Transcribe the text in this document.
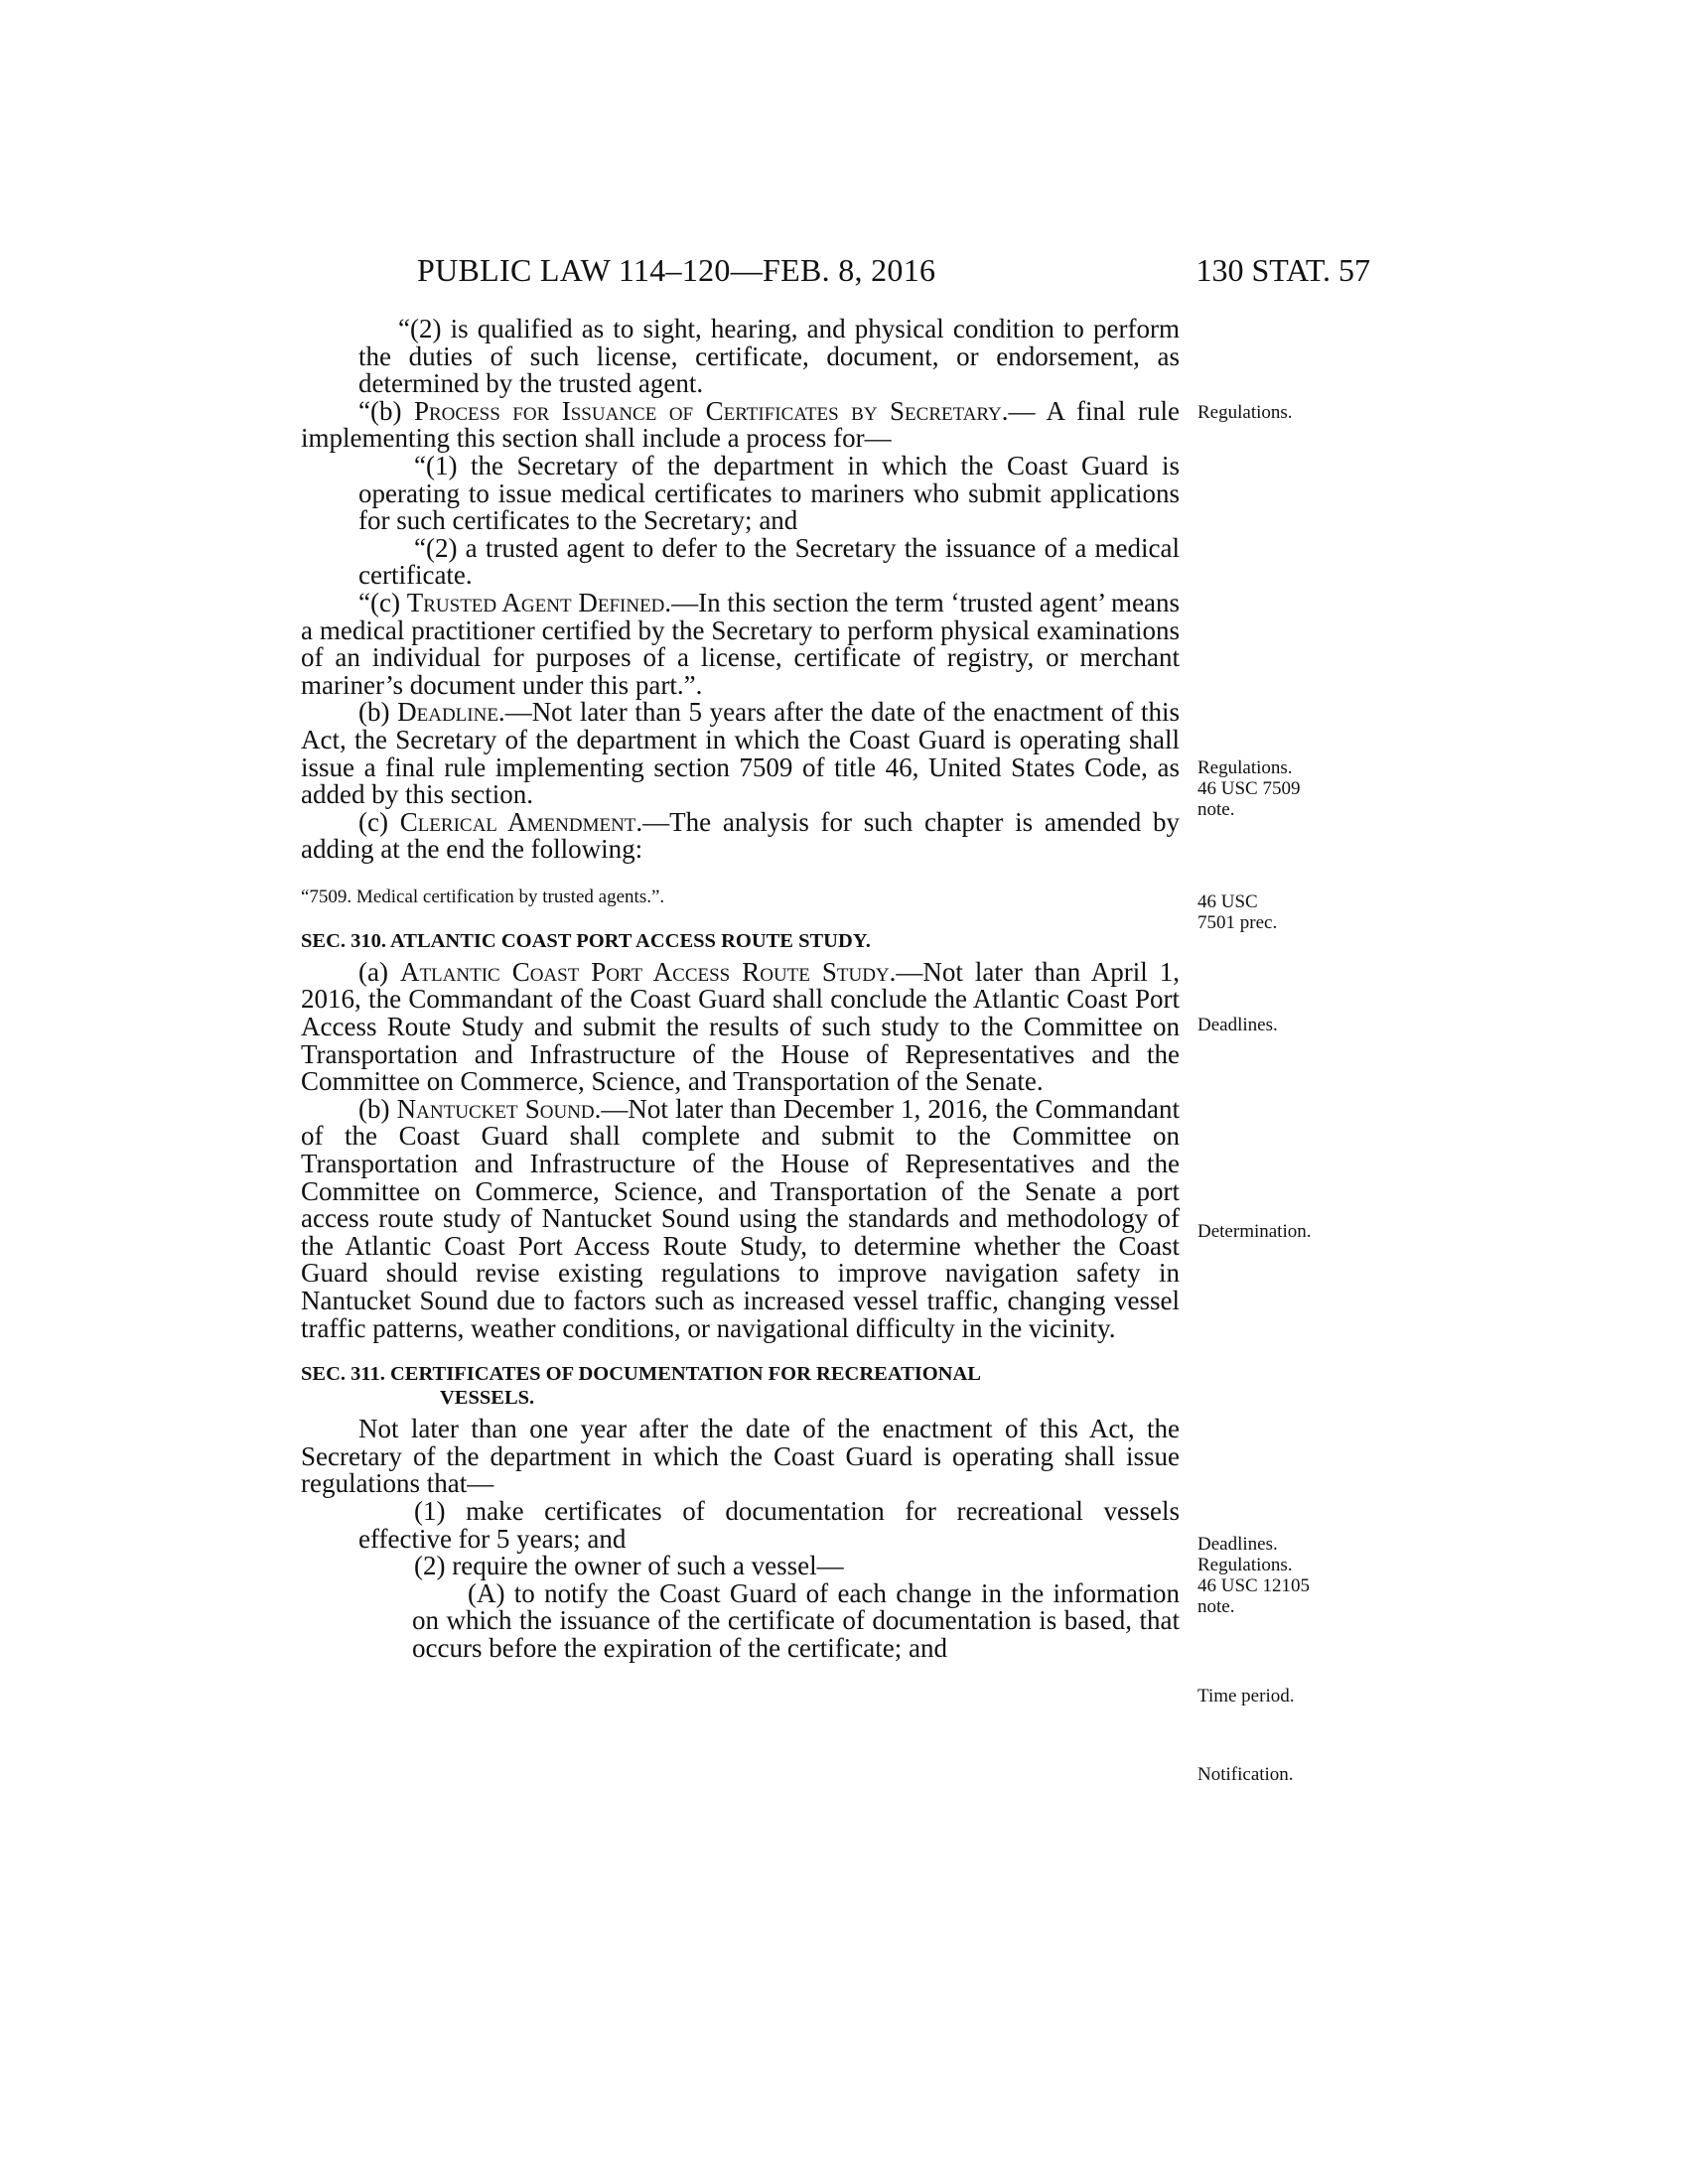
PUBLIC LAW 114–120—FEB. 8, 2016	130 STAT. 57

“(2) is qualified as to sight, hearing, and physical condition to perform the duties of such license, certificate, document, or endorsement, as determined by the trusted agent.

“(b) Process for Issuance of Certificates by Secretary.— A final rule implementing this section shall include a process for—

“(1) the Secretary of the department in which the Coast Guard is operating to issue medical certificates to mariners who submit applications for such certificates to the Secretary; and

“(2) a trusted agent to defer to the Secretary the issuance of a medical certificate.

“(c) Trusted Agent Defined.—In this section the term ‘trusted agent’ means a medical practitioner certified by the Secretary to perform physical examinations of an individual for purposes of a license, certificate of registry, or merchant mariner’s document under this part.”.

(b) Deadline.—Not later than 5 years after the date of the enactment of this Act, the Secretary of the department in which the Coast Guard is operating shall issue a final rule implementing section 7509 of title 46, United States Code, as added by this section.

(c) Clerical Amendment.—The analysis for such chapter is amended by adding at the end the following:

“7509. Medical certification by trusted agents.”.

SEC. 310. ATLANTIC COAST PORT ACCESS ROUTE STUDY.

(a) Atlantic Coast Port Access Route Study.—Not later than April 1, 2016, the Commandant of the Coast Guard shall conclude the Atlantic Coast Port Access Route Study and submit the results of such study to the Committee on Transportation and Infrastructure of the House of Representatives and the Committee on Commerce, Science, and Transportation of the Senate.

(b) Nantucket Sound.—Not later than December 1, 2016, the Commandant of the Coast Guard shall complete and submit to the Committee on Transportation and Infrastructure of the House of Representatives and the Committee on Commerce, Science, and Transportation of the Senate a port access route study of Nantucket Sound using the standards and methodology of the Atlantic Coast Port Access Route Study, to determine whether the Coast Guard should revise existing regulations to improve navigation safety in Nantucket Sound due to factors such as increased vessel traffic, changing vessel traffic patterns, weather conditions, or navigational difficulty in the vicinity.

SEC. 311. CERTIFICATES OF DOCUMENTATION FOR RECREATIONAL
VESSELS.

Not later than one year after the date of the enactment of this Act, the Secretary of the department in which the Coast Guard is operating shall issue regulations that—

(1) make certificates of documentation for recreational vessels effective for 5 years; and

(2) require the owner of such a vessel—

(A) to notify the Coast Guard of each change in the information on which the issuance of the certificate of documentation is based, that occurs before the expiration of the certificate; and

Regulations.
Regulations.
46 USC 7509
note.
46 USC
7501 prec.
Deadlines.
Determination.
Deadlines.
Regulations.
46 USC 12105
note.
Time period.
Notification.
